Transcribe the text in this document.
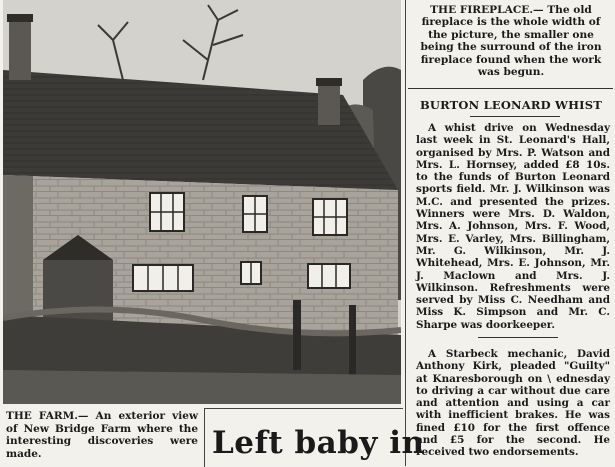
THE FARM.— An exterior view of New Bridge Farm where the interesting discoveries were made.
THE FIREPLACE.— The old fireplace is the whole width of the picture, the smaller one being the surround of the iron fireplace found when the work was begun.
BURTON LEONARD WHIST
A whist drive on Wednesday last week in St. Leonard's Hall, organised by Mrs. P. Watson and Mrs. L. Hornsey, added £8 10s. to the funds of Burton Leonard sports field. Mr. J. Wilkinson was M.C. and presented the prizes. Winners were Mrs. D. Waldon, Mrs. A. Johnson, Mrs. F. Wood, Mrs. E. Varley, Mrs. Billingham, Mr. G. Wilkinson, Mr. J. Whitehead, Mrs. E. Johnson, Mr. J. Maclown and Mrs. J. Wilkinson. Refreshments were served by Miss C. Needham and Miss K. Simpson and Mr. C. Sharpe was doorkeeper.
A Starbeck mechanic, David Anthony Kirk, pleaded "Guilty" at Knaresborough on \ ednesday to driving a car without due care and attention and using a car with inefficient brakes. He was fined £10 for the first offence and £5 for the second. He received two endorsements.
Left baby in
